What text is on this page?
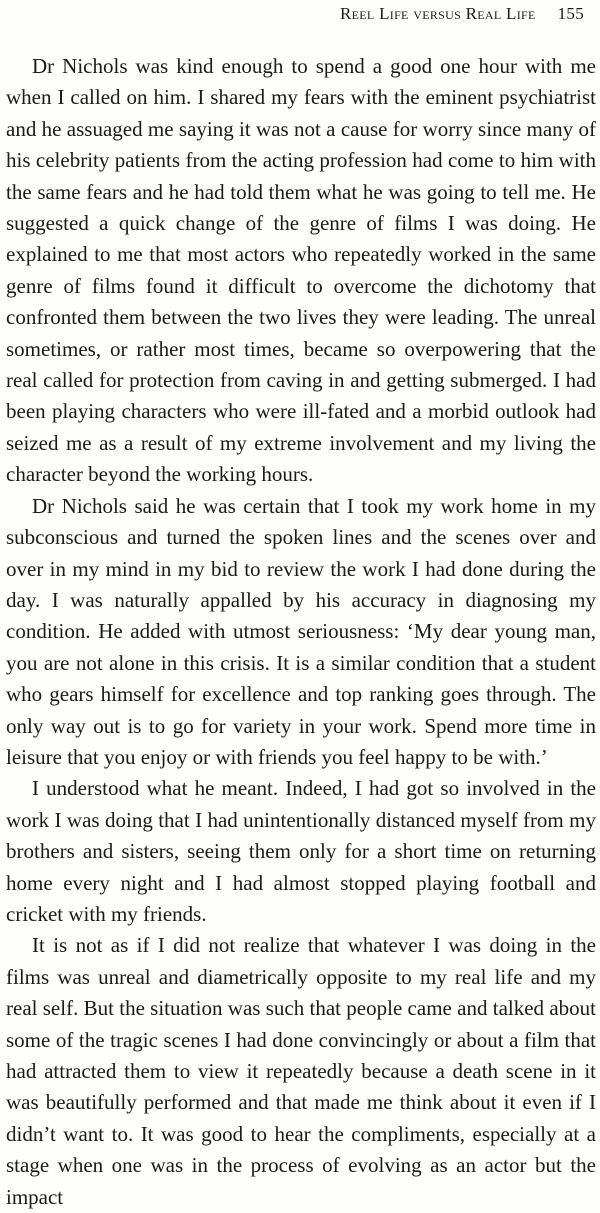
Reel Life versus Real Life 155

Dr Nichols was kind enough to spend a good one hour with me when I called on him. I shared my fears with the eminent psychiatrist and he assuaged me saying it was not a cause for worry since many of his celebrity patients from the acting profession had come to him with the same fears and he had told them what he was going to tell me. He suggested a quick change of the genre of films I was doing. He explained to me that most actors who repeatedly worked in the same genre of films found it difficult to overcome the dichotomy that confronted them between the two lives they were leading. The unreal sometimes, or rather most times, became so overpowering that the real called for protection from caving in and getting submerged. I had been playing characters who were ill-fated and a morbid outlook had seized me as a result of my extreme involvement and my living the character beyond the working hours.

Dr Nichols said he was certain that I took my work home in my subconscious and turned the spoken lines and the scenes over and over in my mind in my bid to review the work I had done during the day. I was naturally appalled by his accuracy in diagnosing my condition. He added with utmost seriousness: ‘My dear young man, you are not alone in this crisis. It is a similar condition that a student who gears himself for excellence and top ranking goes through. The only way out is to go for variety in your work. Spend more time in leisure that you enjoy or with friends you feel happy to be with.’

I understood what he meant. Indeed, I had got so involved in the work I was doing that I had unintentionally distanced myself from my brothers and sisters, seeing them only for a short time on returning home every night and I had almost stopped playing football and cricket with my friends.

It is not as if I did not realize that whatever I was doing in the films was unreal and diametrically opposite to my real life and my real self. But the situation was such that people came and talked about some of the tragic scenes I had done convincingly or about a film that had attracted them to view it repeatedly because a death scene in it was beautifully performed and that made me think about it even if I didn’t want to. It was good to hear the compliments, especially at a stage when one was in the process of evolving as an actor but the impact
